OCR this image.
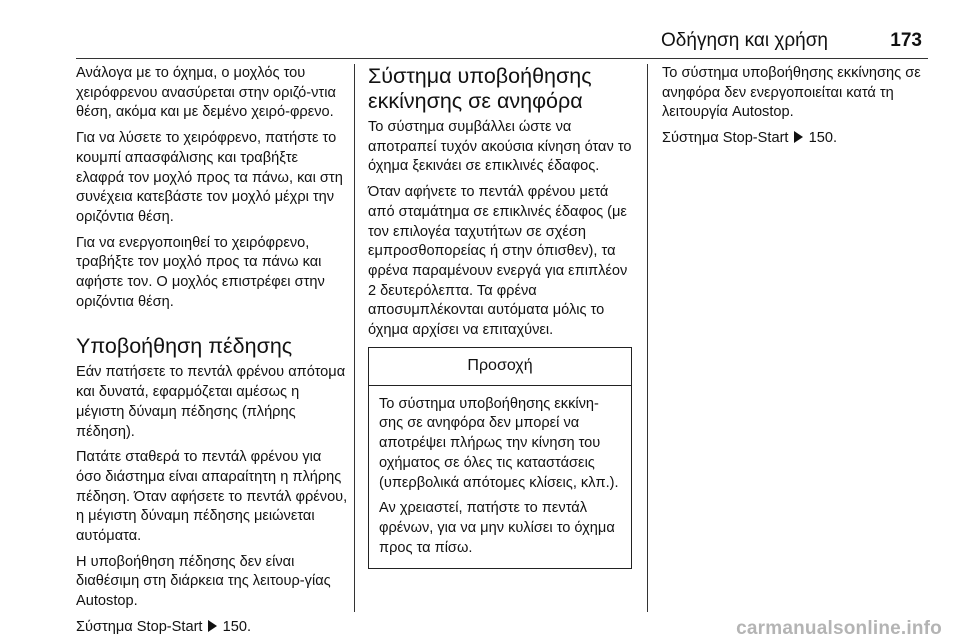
Οδήγηση και χρήση	173

Ανάλογα με το όχημα, ο μοχλός του χειρόφρενου ανασύρεται στην οριζό-ντια θέση, ακόμα και με δεμένο χειρό-φρενο.

Για να λύσετε το χειρόφρενο, πατήστε το κουμπί απασφάλισης και τραβήξτε ελαφρά τον μοχλό προς τα πάνω, και στη συνέχεια κατεβάστε τον μοχλό μέχρι την οριζόντια θέση.

Για να ενεργοποιηθεί το χειρόφρενο, τραβήξτε τον μοχλό προς τα πάνω και αφήστε τον. Ο μοχλός επιστρέφει στην οριζόντια θέση.

Υποβοήθηση πέδησης

Εάν πατήσετε το πεντάλ φρένου απότομα και δυνατά, εφαρμόζεται αμέσως η μέγιστη δύναμη πέδησης (πλήρης πέδηση).

Πατάτε σταθερά το πεντάλ φρένου για όσο διάστημα είναι απαραίτητη η πλήρης πέδηση. Όταν αφήσετε το πεντάλ φρένου, η μέγιστη δύναμη πέδησης μειώνεται αυτόματα.

Η υποβοήθηση πέδησης δεν είναι διαθέσιμη στη διάρκεια της λειτουρ-γίας Autostop.

Σύστημα Stop-Start 150.

Σύστημα υποβοήθησης εκκίνησης σε ανηφόρα

Το σύστημα συμβάλλει ώστε να αποτραπεί τυχόν ακούσια κίνηση όταν το όχημα ξεκινάει σε επικλινές έδαφος.

Όταν αφήνετε το πεντάλ φρένου μετά από σταμάτημα σε επικλινές έδαφος (με τον επιλογέα ταχυτήτων σε σχέση εμπροσθοπορείας ή στην όπισθεν), τα φρένα παραμένουν ενεργά για επιπλέον 2 δευτερόλεπτα. Τα φρένα αποσυμπλέκονται αυτόματα μόλις το όχημα αρχίσει να επιταχύνει.

Προσοχή

Το σύστημα υποβοήθησης εκκίνη-σης σε ανηφόρα δεν μπορεί να αποτρέψει πλήρως την κίνηση του οχήματος σε όλες τις καταστάσεις (υπερβολικά απότομες κλίσεις, κλπ.).

Αν χρειαστεί, πατήστε το πεντάλ φρένων, για να μην κυλίσει το όχημα προς τα πίσω.

Το σύστημα υποβοήθησης εκκίνησης σε ανηφόρα δεν ενεργοποιείται κατά τη λειτουργία Autostop.

Σύστημα Stop-Start 150.

carmanualsonline.info
